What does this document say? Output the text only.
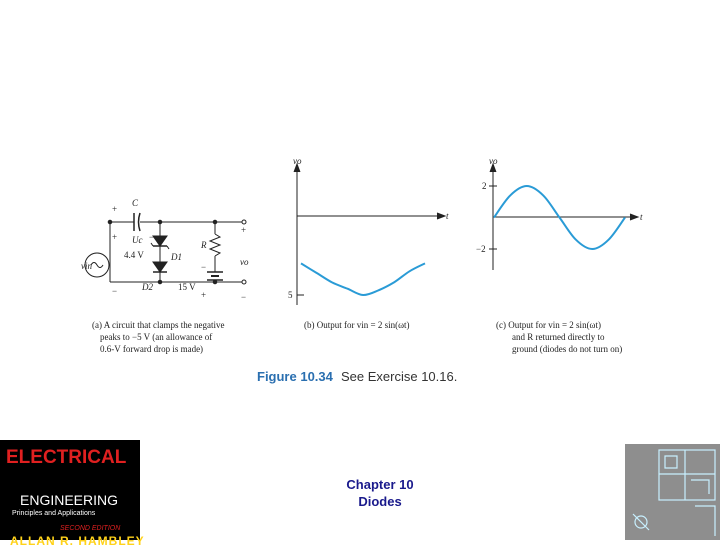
C
Uc
+	−
4.4 V	D1
D2
R
15 V
−
+
vin
+
−
vo
+
−
(a) A circuit that clamps the negative
peaks to −5 V (an allowance of
0.6-V forward drop is made)
vo
t
5
(b) Output for vin = 2 sin(ωt)
vo
t
2
−2
(c) Output for vin = 2 sin(ωt)
and R returned directly to
ground (diodes do not turn on)
Figure 10.34 See Exercise 10.16.
ELECTRICAL
ENGINEERING
Principles and Applications
SECOND EDITION
ALLAN R. HAMBLEY
Chapter 10
Diodes
